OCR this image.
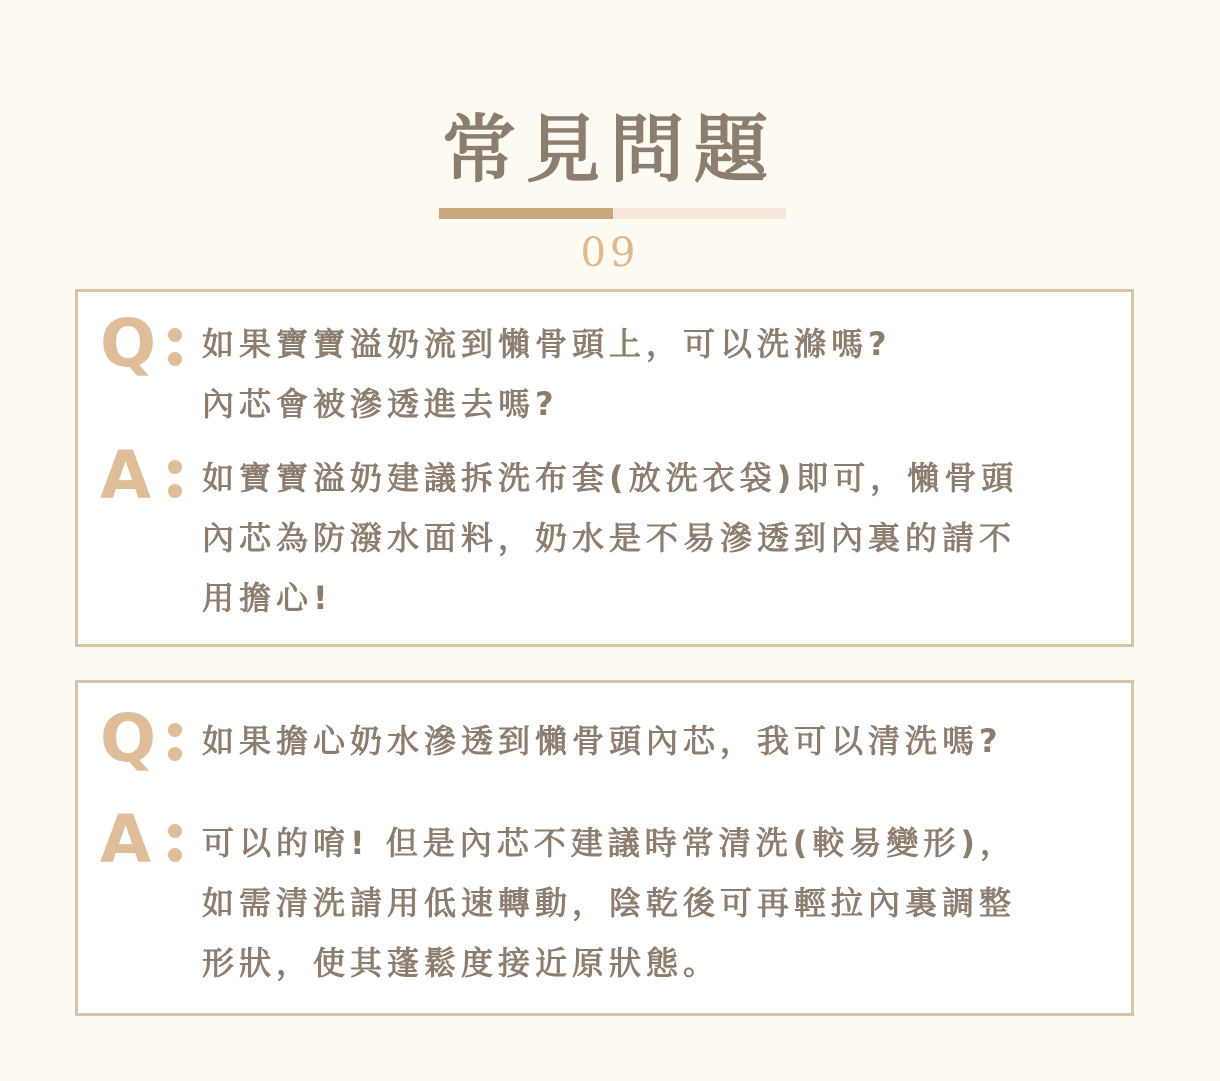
常見問題
09
Q 如果寶寶溢奶流到懶骨頭上，可以洗滌嗎?
內芯會被滲透進去嗎?

A 如寶寶溢奶建議拆洗布套(放洗衣袋)即可，懶骨頭
內芯為防潑水面料，奶水是不易滲透到內裏的請不
用擔心!

Q 如果擔心奶水滲透到懶骨頭內芯，我可以清洗嗎?

A 可以的唷! 但是內芯不建議時常清洗(較易變形)，
如需清洗請用低速轉動，陰乾後可再輕拉內裏調整
形狀，使其蓬鬆度接近原狀態。
